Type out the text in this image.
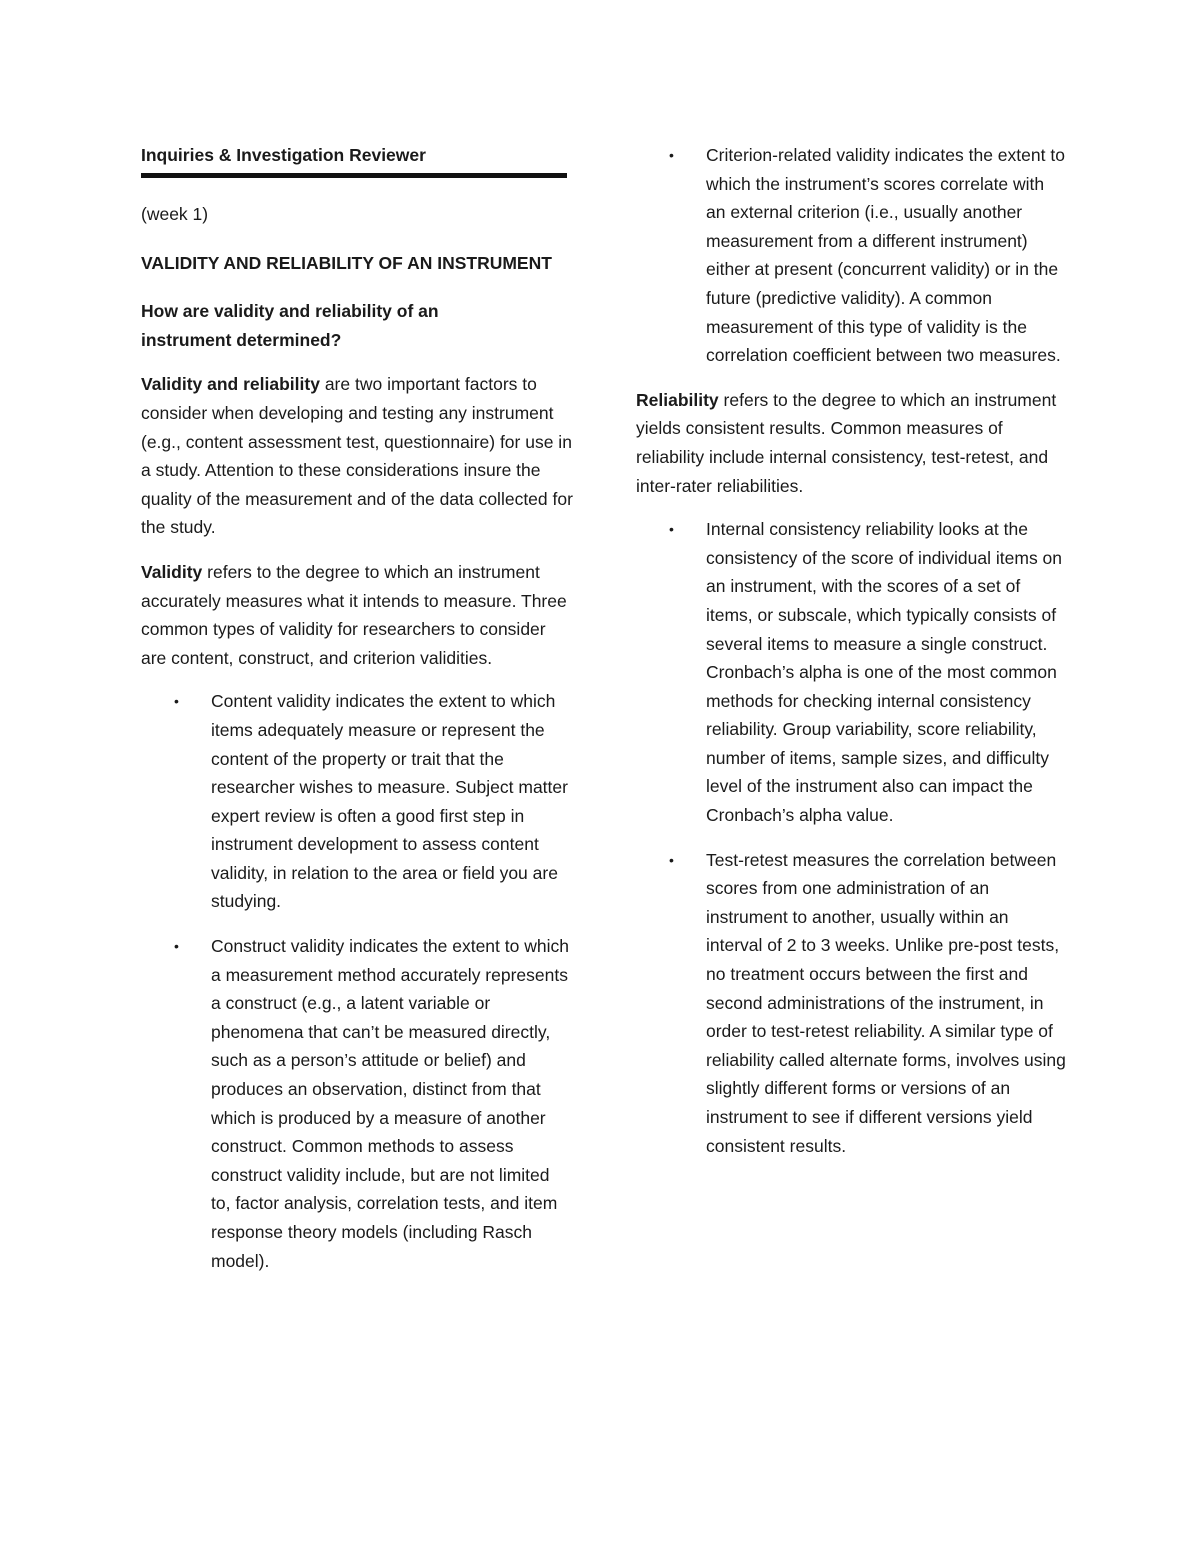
Inquiries & Investigation Reviewer
(week 1)
VALIDITY AND RELIABILITY OF AN INSTRUMENT
How are validity and reliability of an instrument determined?

Validity and reliability are two important factors to consider when developing and testing any instrument (e.g., content assessment test, questionnaire) for use in a study. Attention to these considerations insure the quality of the measurement and of the data collected for the study.

Validity refers to the degree to which an instrument accurately measures what it intends to measure. Three common types of validity for researchers to consider are content, construct, and criterion validities.

• Content validity indicates the extent to which items adequately measure or represent the content of the property or trait that the researcher wishes to measure. Subject matter expert review is often a good first step in instrument development to assess content validity, in relation to the area or field you are studying.
• Construct validity indicates the extent to which a measurement method accurately represents a construct (e.g., a latent variable or phenomena that can’t be measured directly, such as a person’s attitude or belief) and produces an observation, distinct from that which is produced by a measure of another construct. Common methods to assess construct validity include, but are not limited to, factor analysis, correlation tests, and item response theory models (including Rasch model).
• Criterion-related validity indicates the extent to which the instrument’s scores correlate with an external criterion (i.e., usually another measurement from a different instrument) either at present (concurrent validity) or in the future (predictive validity). A common measurement of this type of validity is the correlation coefficient between two measures.

Reliability refers to the degree to which an instrument yields consistent results. Common measures of reliability include internal consistency, test-retest, and inter-rater reliabilities.

• Internal consistency reliability looks at the consistency of the score of individual items on an instrument, with the scores of a set of items, or subscale, which typically consists of several items to measure a single construct. Cronbach’s alpha is one of the most common methods for checking internal consistency reliability. Group variability, score reliability, number of items, sample sizes, and difficulty level of the instrument also can impact the Cronbach’s alpha value.
• Test-retest measures the correlation between scores from one administration of an instrument to another, usually within an interval of 2 to 3 weeks. Unlike pre-post tests, no treatment occurs between the first and second administrations of the instrument, in order to test-retest reliability. A similar type of reliability called alternate forms, involves using slightly different forms or versions of an instrument to see if different versions yield consistent results.
